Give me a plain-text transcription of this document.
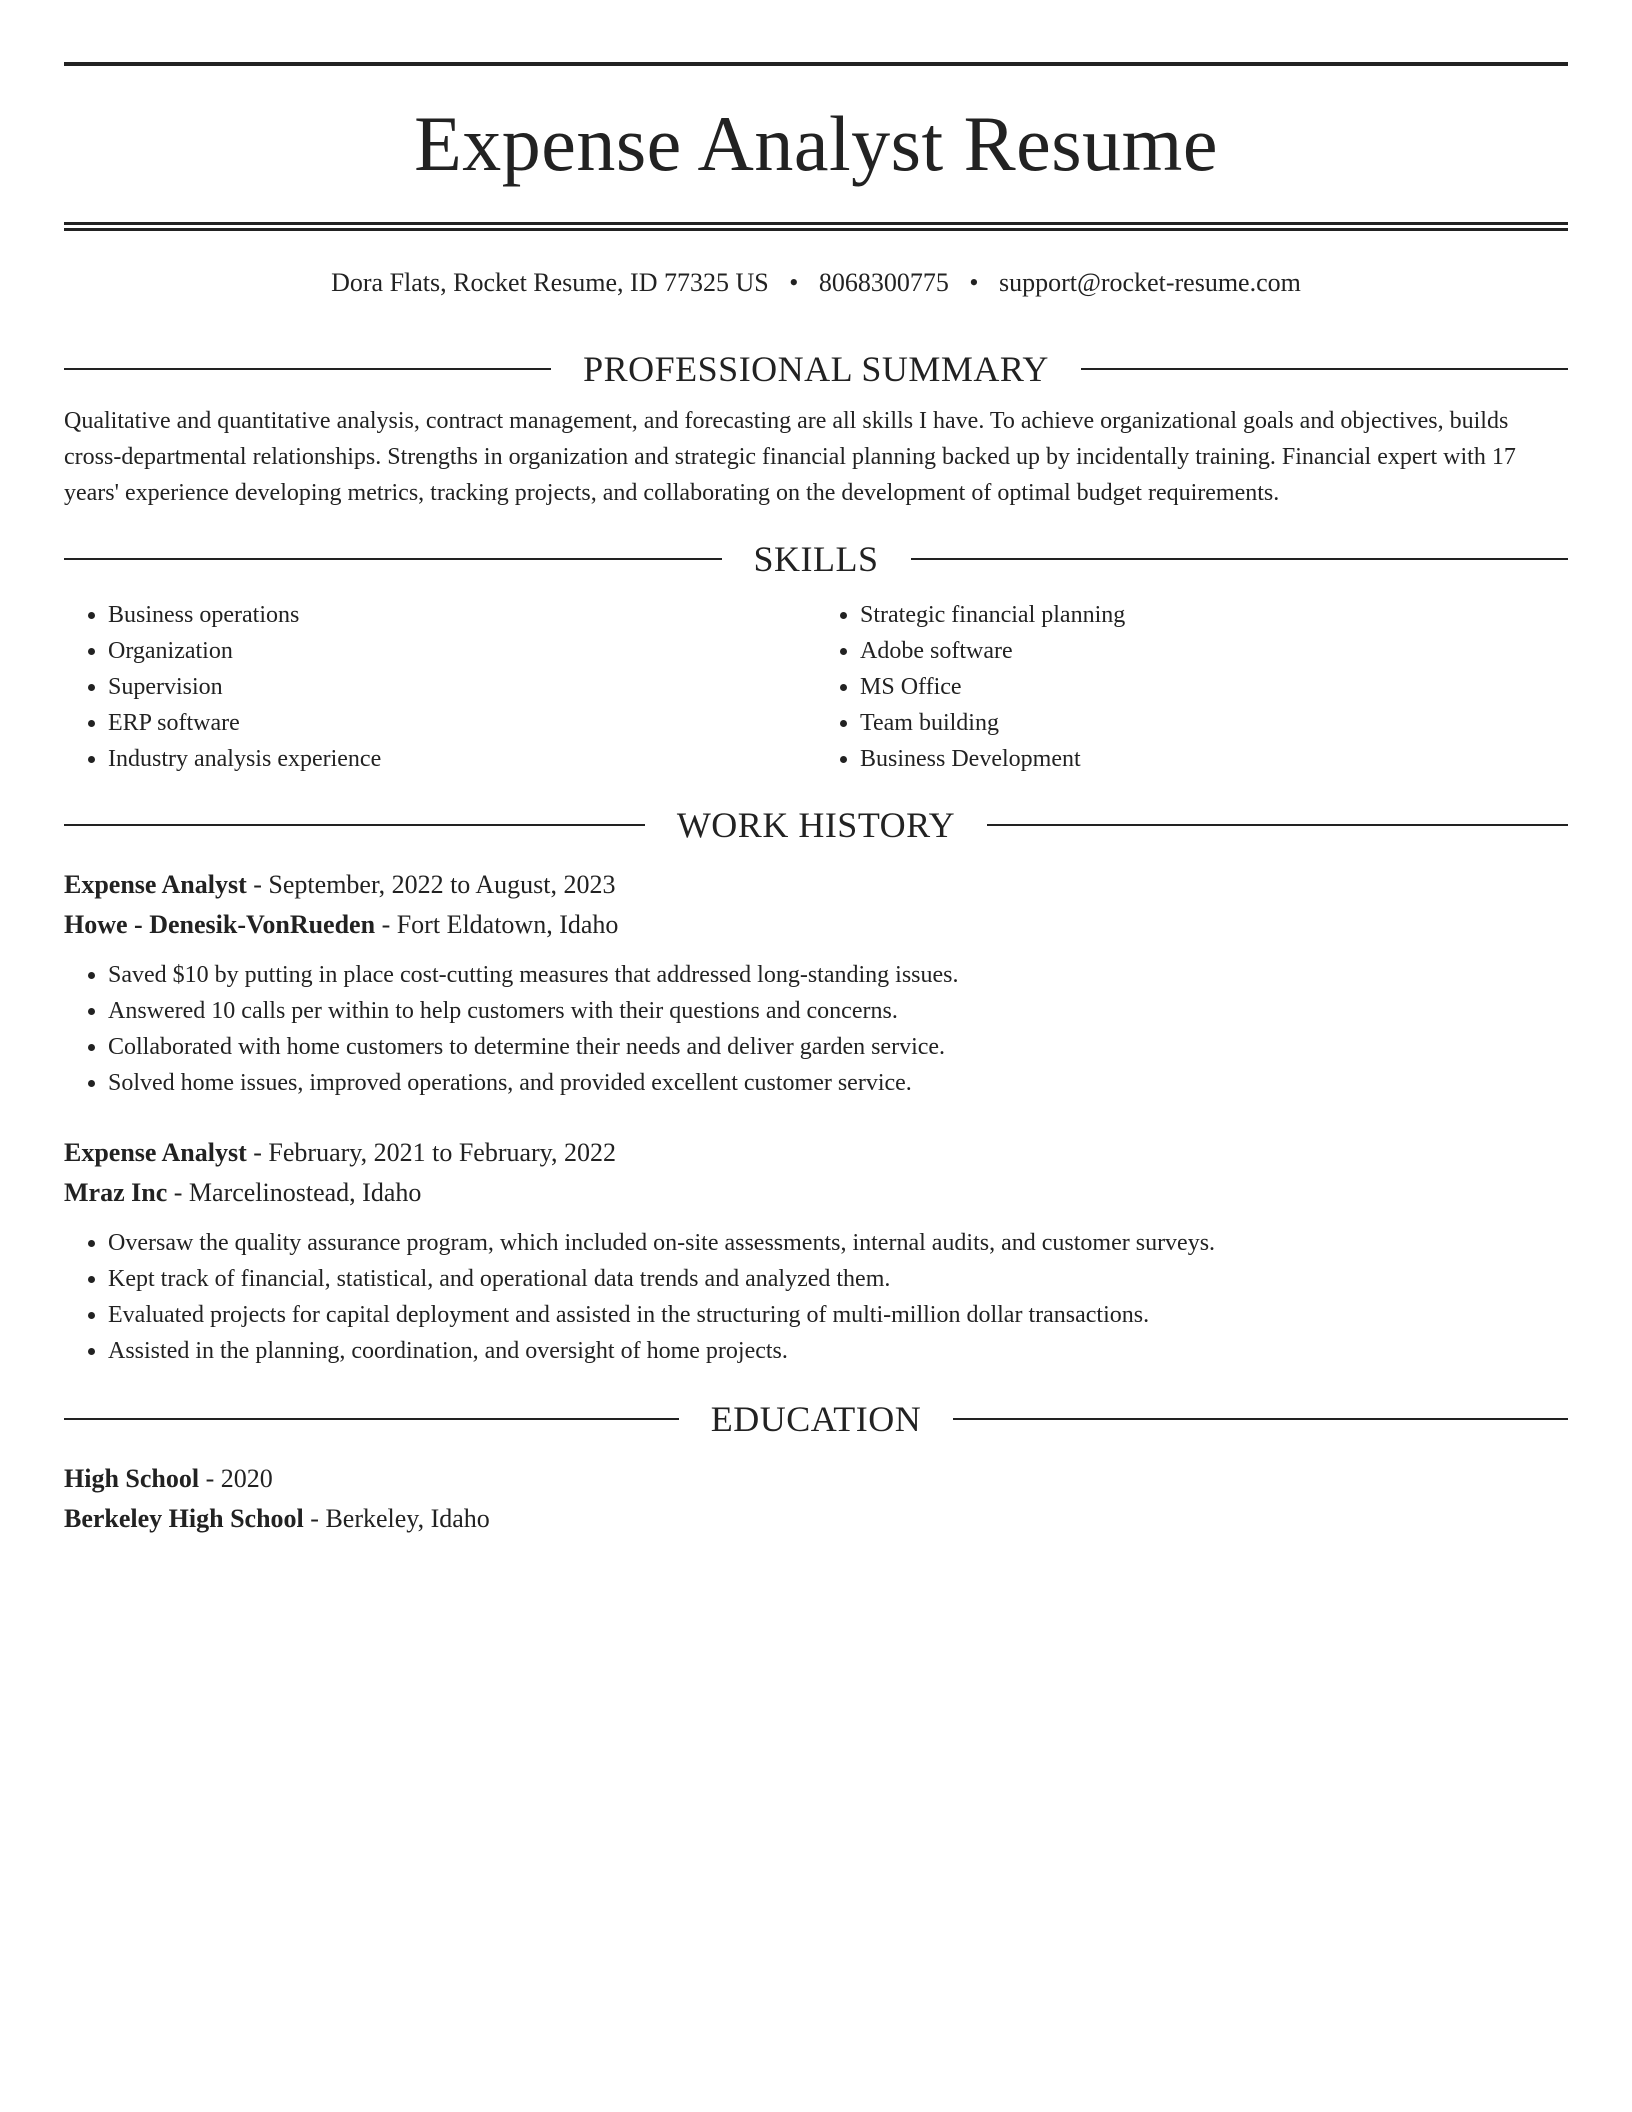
Expense Analyst Resume
Dora Flats, Rocket Resume, ID 77325 US • 8068300775 • support@rocket-resume.com
PROFESSIONAL SUMMARY

Qualitative and quantitative analysis, contract management, and forecasting are all skills I have. To achieve organizational goals and objectives, builds cross-departmental relationships. Strengths in organization and strategic financial planning backed up by incidentally training. Financial expert with 17 years' experience developing metrics, tracking projects, and collaborating on the development of optimal budget requirements.

SKILLS
• Business operations
• Organization
• Supervision
• ERP software
• Industry analysis experience
• Strategic financial planning
• Adobe software
• MS Office
• Team building
• Business Development
WORK HISTORY
Expense Analyst - September, 2022 to August, 2023
Howe - Denesik-VonRueden - Fort Eldatown, Idaho
• Saved $10 by putting in place cost-cutting measures that addressed long-standing issues.
• Answered 10 calls per within to help customers with their questions and concerns.
• Collaborated with home customers to determine their needs and deliver garden service.
• Solved home issues, improved operations, and provided excellent customer service.
Expense Analyst - February, 2021 to February, 2022
Mraz Inc - Marcelinostead, Idaho
• Oversaw the quality assurance program, which included on-site assessments, internal audits, and customer surveys.
• Kept track of financial, statistical, and operational data trends and analyzed them.
• Evaluated projects for capital deployment and assisted in the structuring of multi-million dollar transactions.
• Assisted in the planning, coordination, and oversight of home projects.
EDUCATION
High School - 2020
Berkeley High School - Berkeley, Idaho
